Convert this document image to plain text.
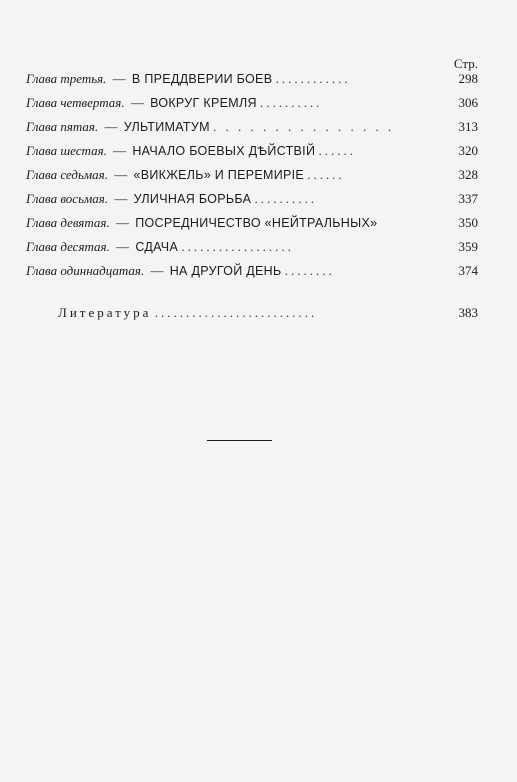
Стр.
Глава третья. — В ПРЕДДВЕРИИ БОЕВ ............	298
Глава четвертая. — ВОКРУГ КРЕМЛЯ ..........	306
Глава пятая. — УЛЬТИМАТУМ . . . . . . . . . . . . . . .	313
Глава шестая. — НАЧАЛО БОЕВЫХ ДѢЙСТВІЙ ......	320
Глава седьмая. — «ВИКЖЕЛЬ» И ПЕРЕМИРІЕ ......	328
Глава восьмая. — УЛИЧНАЯ БОРЬБА ..........	337
Глава девятая. — ПОСРЕДНИЧЕСТВО «НЕЙТРАЛЬНЫХ»	350
Глава десятая. — СДАЧА ..................	359
Глава одиннадцатая. — НА ДРУГОЙ ДЕНЬ ........	374
Литература ..........................	383
